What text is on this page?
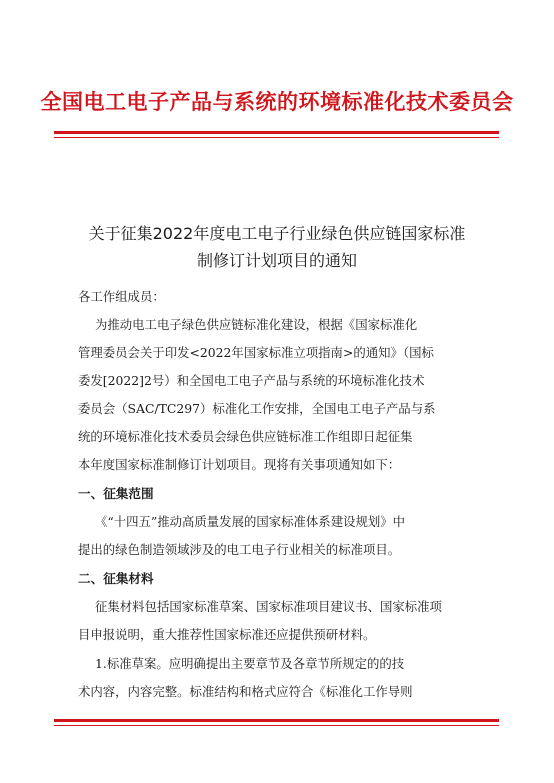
全国电工电子产品与系统的环境标准化技术委员会
关于征集2022年度电工电子行业绿色供应链国家标准
制修订计划项目的通知
各工作组成员：
为推动电工电子绿色供应链标准化建设，根据《国家标准化
管理委员会关于印发<2022年国家标准立项指南>的通知》（国标
委发[2022]2号）和全国电工电子产品与系统的环境标准化技术
委员会（SAC/TC297）标准化工作安排，全国电工电子产品与系
统的环境标准化技术委员会绿色供应链标准工作组即日起征集
本年度国家标准制修订计划项目。现将有关事项通知如下：
一、征集范围
《“十四五”推动高质量发展的国家标准体系建设规划》中
提出的绿色制造领域涉及的电工电子行业相关的标准项目。
二、征集材料
征集材料包括国家标准草案、国家标准项目建议书、国家标准项
目申报说明，重大推荐性国家标准还应提供预研材料。
1.标准草案。应明确提出主要章节及各章节所规定的的技
术内容，内容完整。标准结构和格式应符合《标准化工作导则
